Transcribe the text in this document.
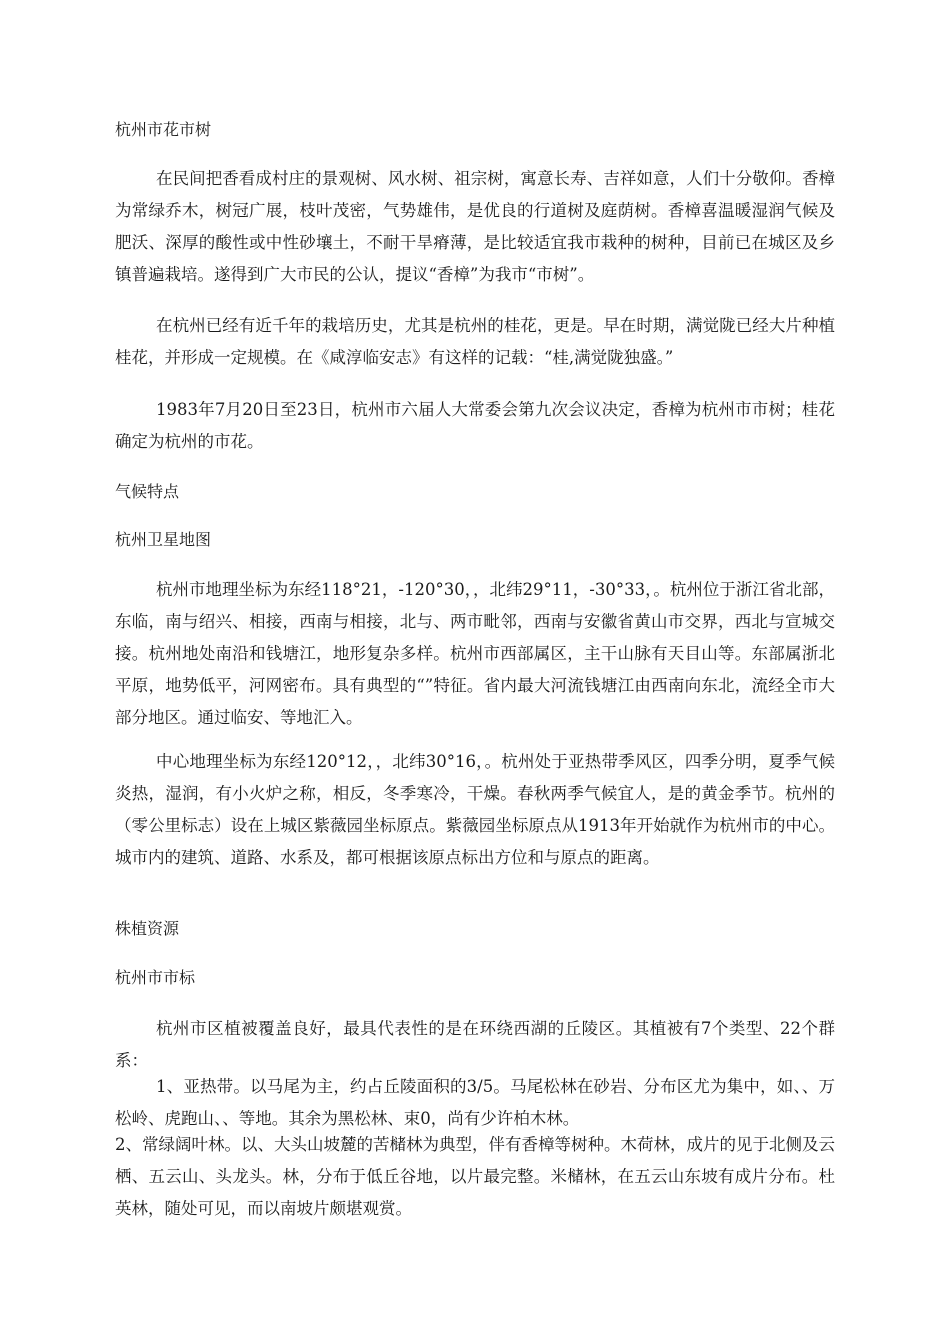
杭州市花市树

在民间把香看成村庄的景观树、风水树、祖宗树，寓意长寿、吉祥如意，人们十分敬仰。香樟为常绿乔木，树冠广展，枝叶茂密，气势雄伟，是优良的行道树及庭荫树。香樟喜温暖湿润气候及肥沃、深厚的酸性或中性砂壤土，不耐干旱瘠薄，是比较适宜我市栽种的树种，目前已在城区及乡镇普遍栽培。遂得到广大市民的公认，提议“香樟”为我市“市树”。

在杭州已经有近千年的栽培历史，尤其是杭州的桂花，更是。早在时期，满觉陇已经大片种植桂花，并形成一定规模。在《咸淳临安志》有这样的记载：“桂,满觉陇独盛。”

1983年7月20日至23日，杭州市六届人大常委会第九次会议决定，香樟为杭州市市树；桂花确定为杭州的市花。

气候特点
杭州卫星地图

杭州市地理坐标为东经118°21，-120°30，，北纬29°11，-30°33，。杭州位于浙江省北部，东临，南与绍兴、相接，西南与相接，北与、两市毗邻，西南与安徽省黄山市交界，西北与宣城交接。杭州地处南沿和钱塘江，地形复杂多样。杭州市西部属区，主干山脉有天目山等。东部属浙北平原，地势低平，河网密布。具有典型的“”特征。省内最大河流钱塘江由西南向东北，流经全市大部分地区。通过临安、等地汇入。

中心地理坐标为东经120°12，，北纬30°16，。杭州处于亚热带季风区，四季分明，夏季气候炎热，湿润，有小火炉之称，相反，冬季寒冷，干燥。春秋两季气候宜人，是的黄金季节。杭州的（零公里标志）设在上城区紫薇园坐标原点。紫薇园坐标原点从1913年开始就作为杭州市的中心。城市内的建筑、道路、水系及，都可根据该原点标出方位和与原点的距离。

株植资源
杭州市市标

杭州市区植被覆盖良好，最具代表性的是在环绕西湖的丘陵区。其植被有7个类型、22个群系：

1、亚热带。以马尾为主，约占丘陵面积的3/5。马尾松林在砂岩、分布区尤为集中，如、、万松岭、虎跑山、、等地。其余为黑松林、束0，尚有少许柏木林。

2、常绿阔叶林。以、大头山坡麓的苦槠林为典型，伴有香樟等树种。木荷林，成片的见于北侧及云栖、五云山、头龙头。林，分布于低丘谷地，以片最完整。米槠林，在五云山东坡有成片分布。杜英林，随处可见，而以南坡片颇堪观赏。
